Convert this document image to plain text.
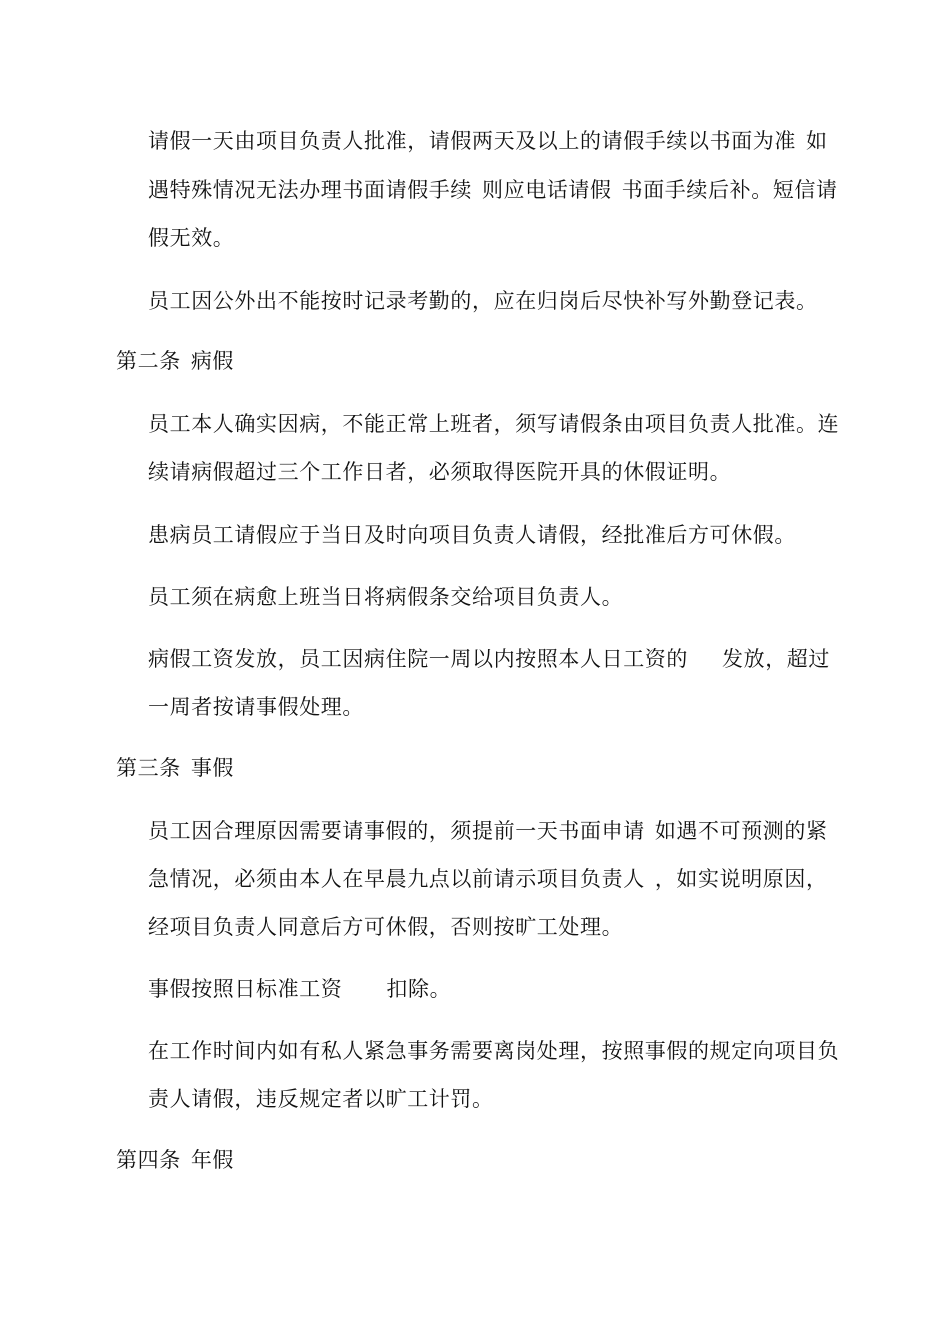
请假一天由项目负责人批准，请假两天及以上的请假手续以书面为准 如
遇特殊情况无法办理书面请假手续 则应电话请假 书面手续后补。短信请
假无效。
员工因公外出不能按时记录考勤的，应在归岗后尽快补写外勤登记表。
第二条 病假
员工本人确实因病，不能正常上班者，须写请假条由项目负责人批准。连
续请病假超过三个工作日者，必须取得医院开具的休假证明。
患病员工请假应于当日及时向项目负责人请假，经批准后方可休假。
员工须在病愈上班当日将病假条交给项目负责人。
病假工资发放，员工因病住院一周以内按照本人日工资的 发放，超过
一周者按请事假处理。
第三条 事假
员工因合理原因需要请事假的，须提前一天书面申请 如遇不可预测的紧
急情况，必须由本人在早晨九点以前请示项目负责人 ，如实说明原因，
经项目负责人同意后方可休假，否则按旷工处理。
事假按照日标准工资 扣除。
在工作时间内如有私人紧急事务需要离岗处理，按照事假的规定向项目负
责人请假，违反规定者以旷工计罚。
第四条 年假
